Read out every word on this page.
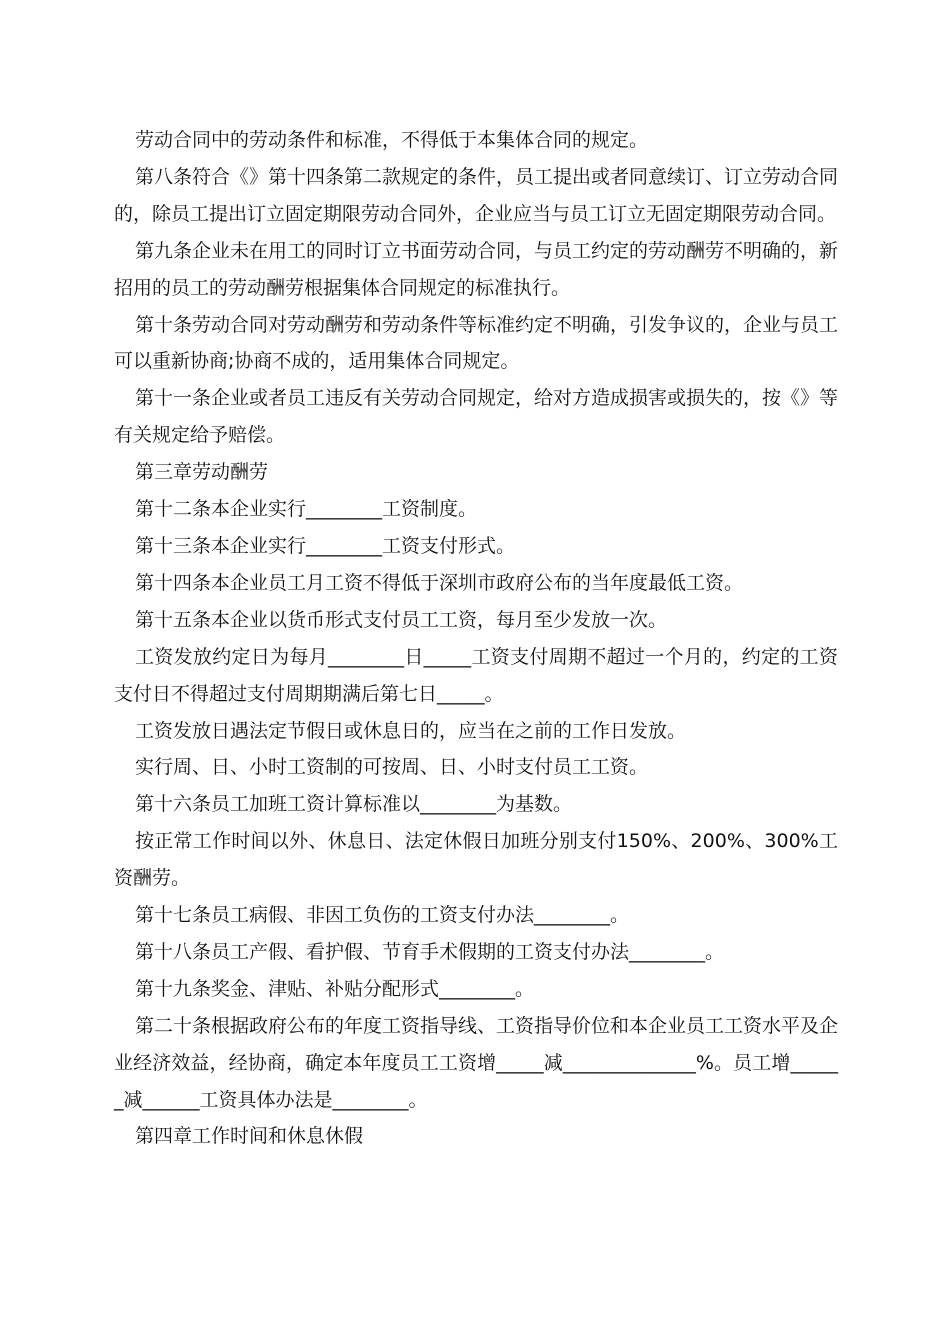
劳动合同中的劳动条件和标准，不得低于本集体合同的规定。

第八条符合《》第十四条第二款规定的条件，员工提出或者同意续订、订立劳动合同的，除员工提出订立固定期限劳动合同外，企业应当与员工订立无固定期限劳动合同。

第九条企业未在用工的同时订立书面劳动合同，与员工约定的劳动酬劳不明确的，新招用的员工的劳动酬劳根据集体合同规定的标准执行。

第十条劳动合同对劳动酬劳和劳动条件等标准约定不明确，引发争议的，企业与员工可以重新协商;协商不成的，适用集体合同规定。

第十一条企业或者员工违反有关劳动合同规定，给对方造成损害或损失的，按《》等有关规定给予赔偿。

第三章劳动酬劳

第十二条本企业实行________工资制度。

第十三条本企业实行________工资支付形式。

第十四条本企业员工月工资不得低于深圳市政府公布的当年度最低工资。

第十五条本企业以货币形式支付员工工资，每月至少发放一次。

工资发放约定日为每月________日_____工资支付周期不超过一个月的，约定的工资支付日不得超过支付周期期满后第七日_____。

工资发放日遇法定节假日或休息日的，应当在之前的工作日发放。

实行周、日、小时工资制的可按周、日、小时支付员工工资。

第十六条员工加班工资计算标准以________为基数。

按正常工作时间以外、休息日、法定休假日加班分别支付150%、200%、300%工资酬劳。

第十七条员工病假、非因工负伤的工资支付办法________。

第十八条员工产假、看护假、节育手术假期的工资支付办法________。

第十九条奖金、津贴、补贴分配形式________。

第二十条根据政府公布的年度工资指导线、工资指导价位和本企业员工工资水平及企业经济效益，经协商，确定本年度员工工资增_____减______________%。员工增______减______工资具体办法是________。

第四章工作时间和休息休假
